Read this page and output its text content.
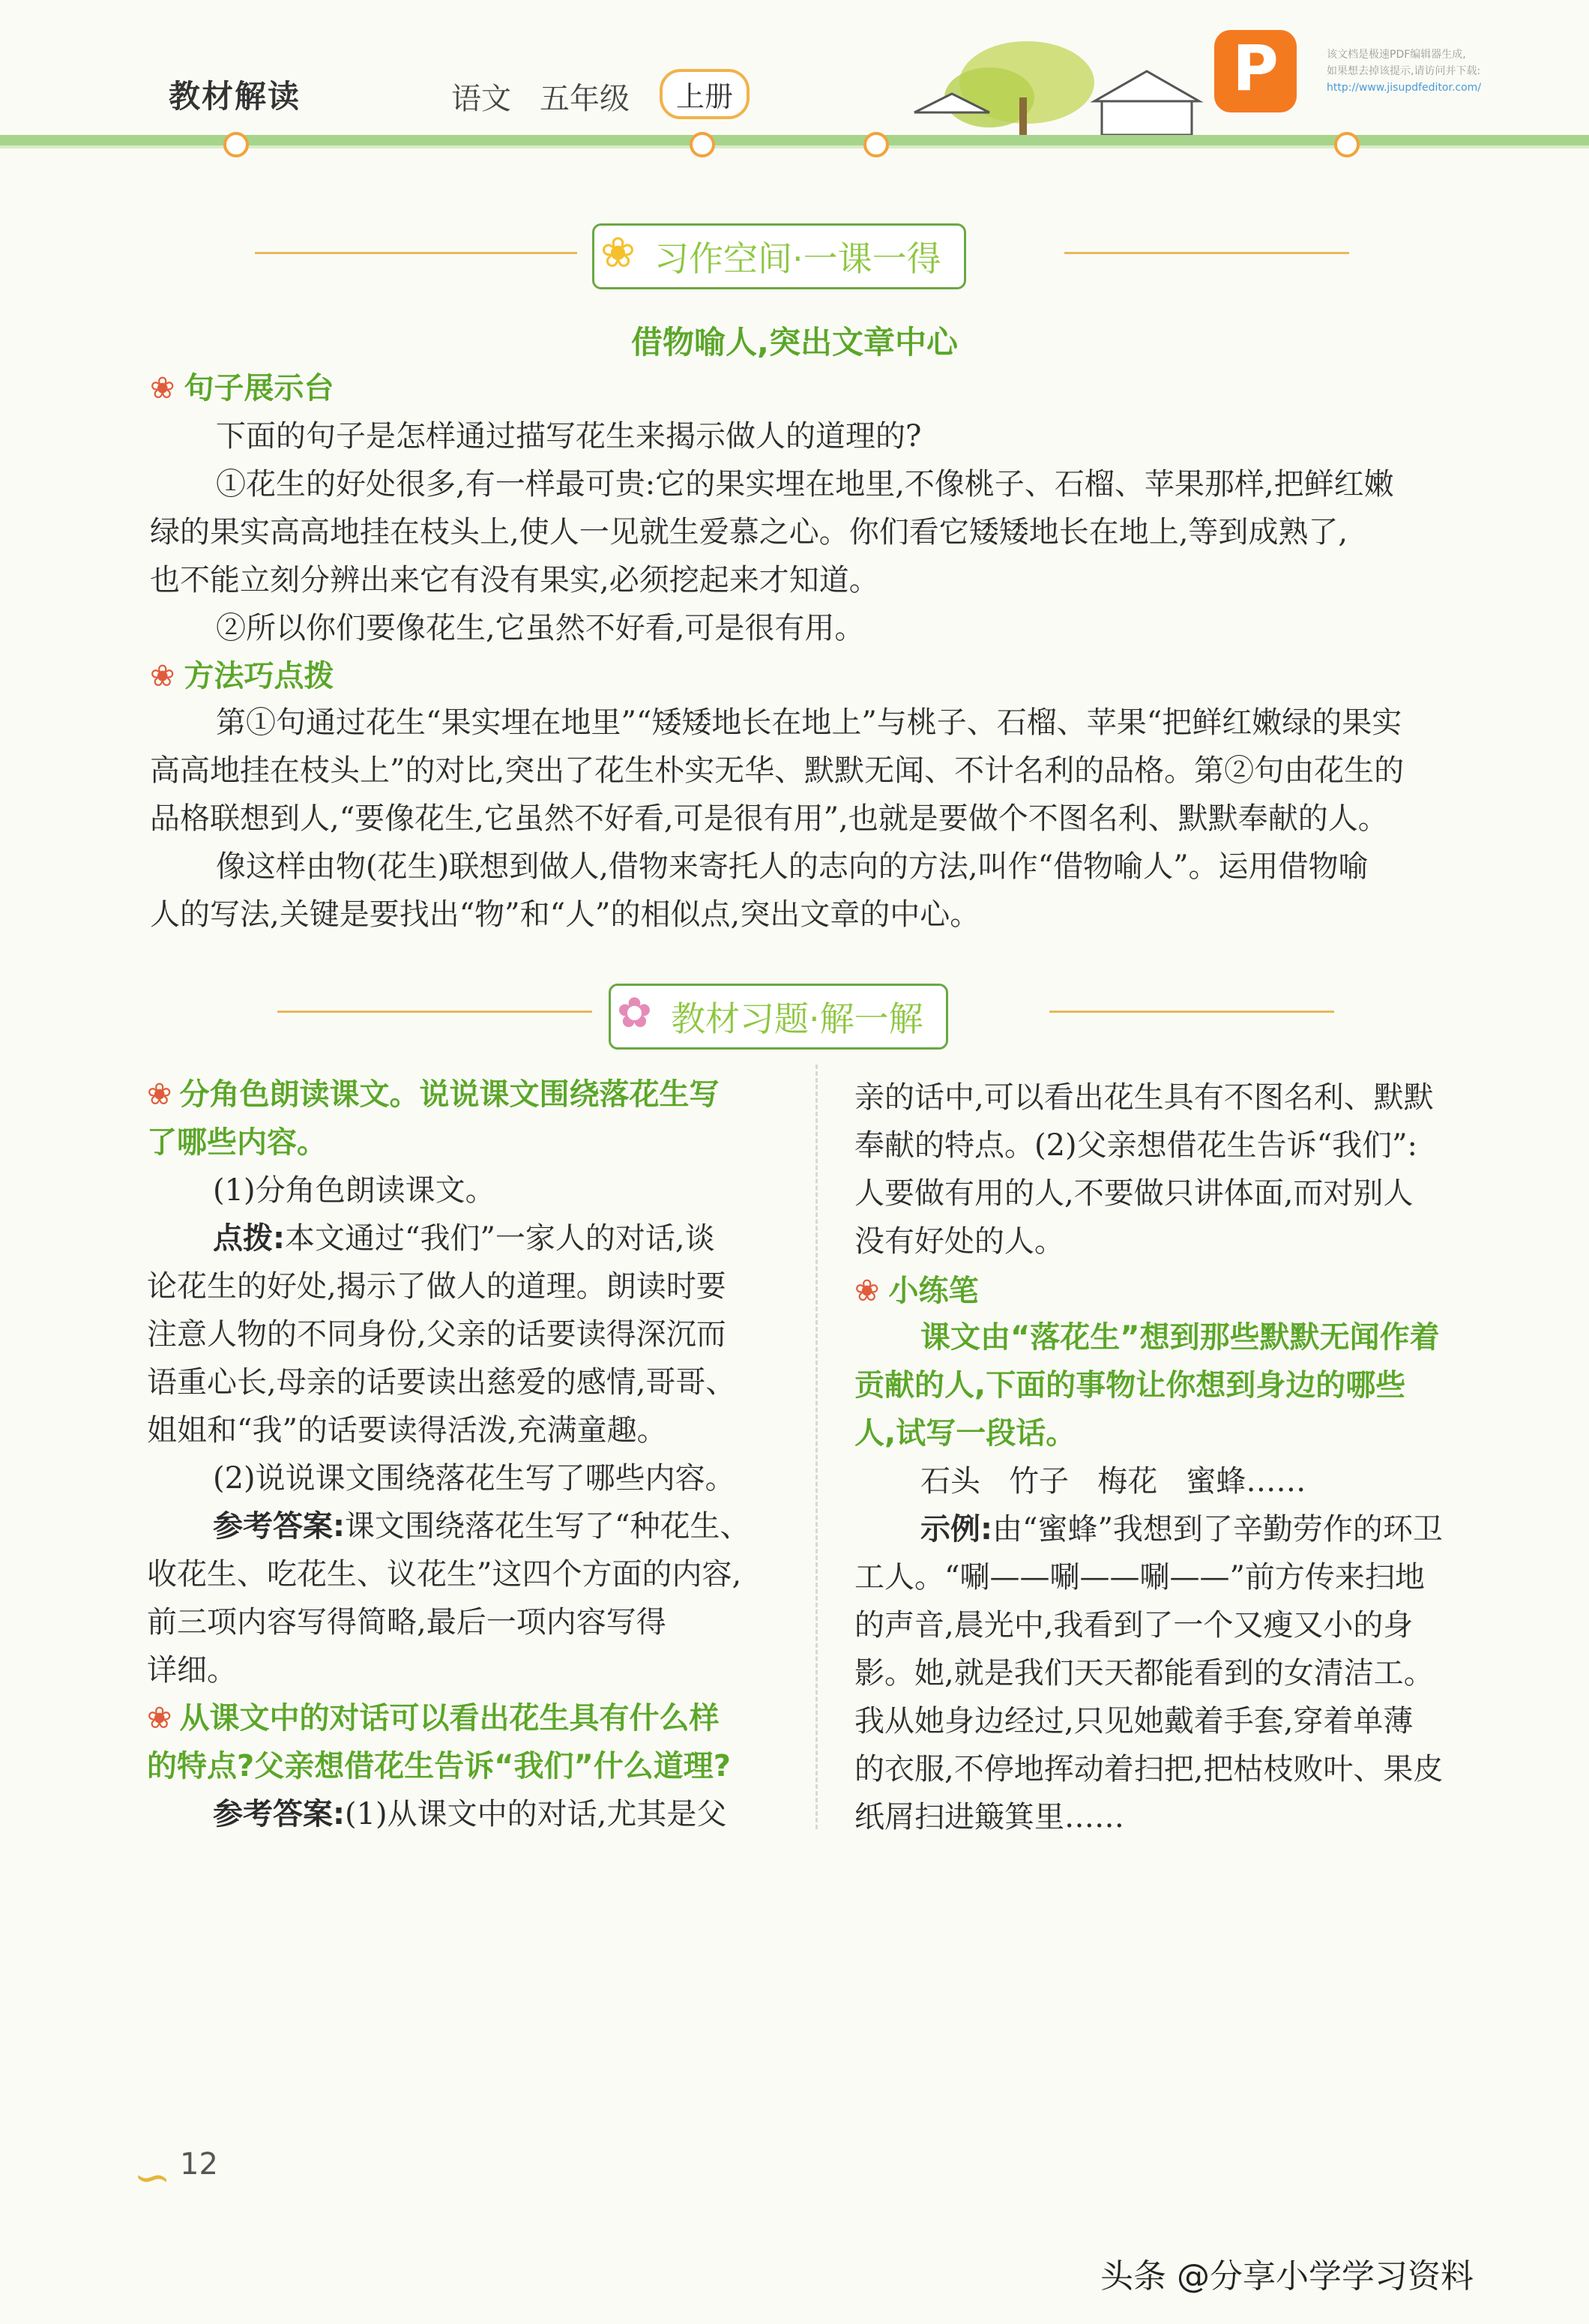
教材解读	语文 五年级	上册	P	该文档是极速PDF编辑器生成,
如果想去掉该提示,请访问并下载:
http://www.jisupdfeditor.com/
❀ 习作空间·一课一得
借物喻人,突出文章中心
❀ 句子展示台
下面的句子是怎样通过描写花生来揭示做人的道理的?
①花生的好处很多,有一样最可贵:它的果实埋在地里,不像桃子、石榴、苹果那样,把鲜红嫩
绿的果实高高地挂在枝头上,使人一见就生爱慕之心。你们看它矮矮地长在地上,等到成熟了,
也不能立刻分辨出来它有没有果实,必须挖起来才知道。
②所以你们要像花生,它虽然不好看,可是很有用。
❀ 方法巧点拨
第①句通过花生“果实埋在地里”“矮矮地长在地上”与桃子、石榴、苹果“把鲜红嫩绿的果实
高高地挂在枝头上”的对比,突出了花生朴实无华、默默无闻、不计名利的品格。第②句由花生的
品格联想到人,“要像花生,它虽然不好看,可是很有用”,也就是要做个不图名利、默默奉献的人。
像这样由物(花生)联想到做人,借物来寄托人的志向的方法,叫作“借物喻人”。运用借物喻
人的写法,关键是要找出“物”和“人”的相似点,突出文章的中心。
✿ 教材习题·解一解
❀ 分角色朗读课文。说说课文围绕落花生写
了哪些内容。
(1)分角色朗读课文。
点拨:本文通过“我们”一家人的对话,谈
论花生的好处,揭示了做人的道理。朗读时要
注意人物的不同身份,父亲的话要读得深沉而
语重心长,母亲的话要读出慈爱的感情,哥哥、
姐姐和“我”的话要读得活泼,充满童趣。
(2)说说课文围绕落花生写了哪些内容。
参考答案:课文围绕落花生写了“种花生、
收花生、吃花生、议花生”这四个方面的内容,
前三项内容写得简略,最后一项内容写得
详细。
❀ 从课文中的对话可以看出花生具有什么样
的特点?父亲想借花生告诉“我们”什么道理?
参考答案:(1)从课文中的对话,尤其是父
亲的话中,可以看出花生具有不图名利、默默
奉献的特点。(2)父亲想借花生告诉“我们”:
人要做有用的人,不要做只讲体面,而对别人
没有好处的人。
❀ 小练笔
课文由“落花生”想到那些默默无闻作着
贡献的人,下面的事物让你想到身边的哪些
人,试写一段话。
石头   竹子   梅花   蜜蜂……
示例:由“蜜蜂”我想到了辛勤劳作的环卫
工人。“唰——唰——唰——”前方传来扫地
的声音,晨光中,我看到了一个又瘦又小的身
影。她,就是我们天天都能看到的女清洁工。
我从她身边经过,只见她戴着手套,穿着单薄
的衣服,不停地挥动着扫把,把枯枝败叶、果皮
纸屑扫进簸箕里……
∽ 12
头条 @分享小学学习资料
